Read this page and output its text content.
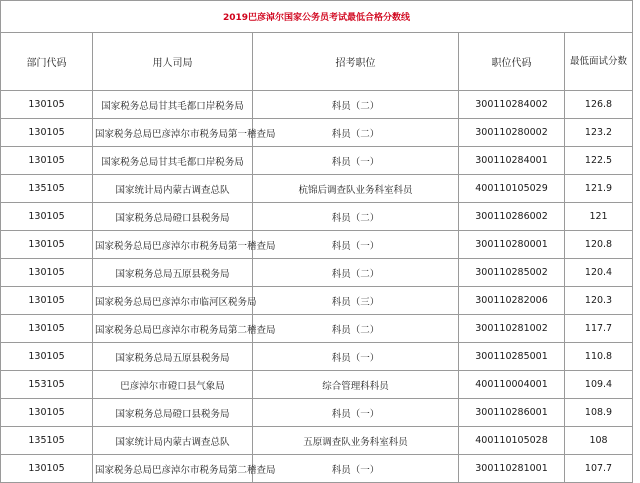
2019巴彦淖尔国家公务员考试最低合格分数线				
部门代码	用人司局	招考职位	职位代码	最低面试分数
130105	国家税务总局甘其毛都口岸税务局	科员（二）	300110284002	126.8
130105	国家税务总局巴彦淖尔市税务局第一稽查局	科员（二）	300110280002	123.2
130105	国家税务总局甘其毛都口岸税务局	科员（一）	300110284001	122.5
135105	国家统计局内蒙古调查总队	杭锦后调查队业务科室科员	400110105029	121.9
130105	国家税务总局磴口县税务局	科员（二）	300110286002	121
130105	国家税务总局巴彦淖尔市税务局第一稽查局	科员（一）	300110280001	120.8
130105	国家税务总局五原县税务局	科员（二）	300110285002	120.4
130105	国家税务总局巴彦淖尔市临河区税务局	科员（三）	300110282006	120.3
130105	国家税务总局巴彦淖尔市税务局第二稽查局	科员（二）	300110281002	117.7
130105	国家税务总局五原县税务局	科员（一）	300110285001	110.8
153105	巴彦淖尔市磴口县气象局	综合管理科科员	400110004001	109.4
130105	国家税务总局磴口县税务局	科员（一）	300110286001	108.9
135105	国家统计局内蒙古调查总队	五原调查队业务科室科员	400110105028	108
130105	国家税务总局巴彦淖尔市税务局第二稽查局	科员（一）	300110281001	107.7
